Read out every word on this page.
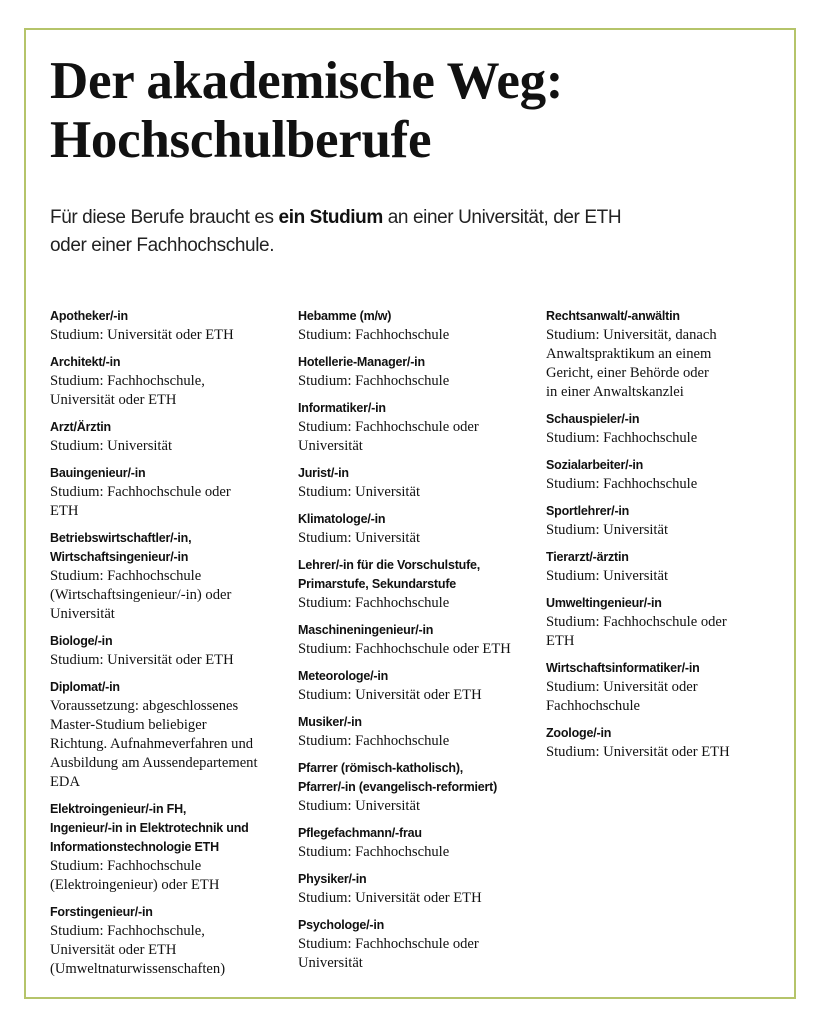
Der akademische Weg:
Hochschulberufe

Für diese Berufe braucht es ein Studium an einer Universität, der ETH oder einer Fachhochschule.

Apotheker/-in
Studium: Universität oder ETH
Architekt/-in
Studium: Fachhochschule,
Universität oder ETH
Arzt/Ärztin
Studium: Universität
Bauingenieur/-in
Studium: Fachhochschule oder
ETH
Betriebswirtschaftler/-in,
Wirtschaftsingenieur/-in
Studium: Fachhochschule
(Wirtschaftsingenieur/-in) oder
Universität
Biologe/-in
Studium: Universität oder ETH
Diplomat/-in
Voraussetzung: abgeschlossenes
Master-Studium beliebiger
Richtung. Aufnahmeverfahren und
Ausbildung am Aussendepartement
EDA
Elektroingenieur/-in FH,
Ingenieur/-in in Elektrotechnik und
Informationstechnologie ETH
Studium: Fachhochschule
(Elektroingenieur) oder ETH
Forstingenieur/-in
Studium: Fachhochschule,
Universität oder ETH
(Umweltnaturwissenschaften)
Hebamme (m/w)
Studium: Fachhochschule
Hotellerie-Manager/-in
Studium: Fachhochschule
Informatiker/-in
Studium: Fachhochschule oder
Universität
Jurist/-in
Studium: Universität
Klimatologe/-in
Studium: Universität
Lehrer/-in für die Vorschulstufe,
Primarstufe, Sekundarstufe
Studium: Fachhochschule
Maschineningenieur/-in
Studium: Fachhochschule oder ETH
Meteorologe/-in
Studium: Universität oder ETH
Musiker/-in
Studium: Fachhochschule
Pfarrer (römisch-katholisch),
Pfarrer/-in (evangelisch-reformiert)
Studium: Universität
Pflegefachmann/-frau
Studium: Fachhochschule
Physiker/-in
Studium: Universität oder ETH
Psychologe/-in
Studium: Fachhochschule oder
Universität
Rechtsanwalt/-anwältin
Studium: Universität, danach
Anwaltspraktikum an einem
Gericht, einer Behörde oder
in einer Anwaltskanzlei
Schauspieler/-in
Studium: Fachhochschule
Sozialarbeiter/-in
Studium: Fachhochschule
Sportlehrer/-in
Studium: Universität
Tierarzt/-ärztin
Studium: Universität
Umweltingenieur/-in
Studium: Fachhochschule oder
ETH
Wirtschaftsinformatiker/-in
Studium: Universität oder
Fachhochschule
Zoologe/-in
Studium: Universität oder ETH
